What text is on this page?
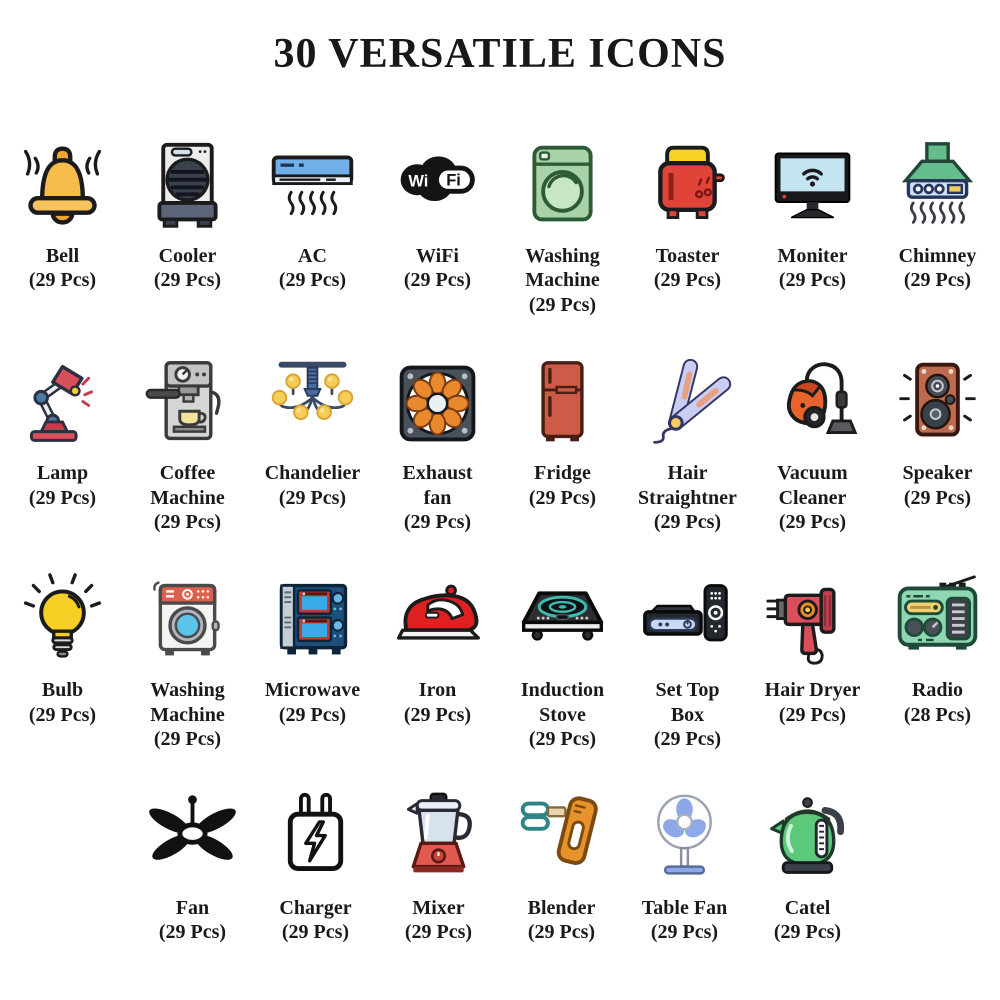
30 VERSATILE ICONS
Bell
(29 Pcs)
Cooler
(29 Pcs)
AC
(29 Pcs)
Wi Fi
WiFi
(29 Pcs)
Washing Machine
(29 Pcs)
Toaster
(29 Pcs)
Moniter
(29 Pcs)
Chimney
(29 Pcs)
Lamp
(29 Pcs)
Coffee Machine
(29 Pcs)
Chandelier
(29 Pcs)
Exhaust fan
(29 Pcs)
Fridge
(29 Pcs)
Hair Straightner
(29 Pcs)
Vacuum Cleaner
(29 Pcs)
Speaker
(29 Pcs)
Bulb
(29 Pcs)
Washing Machine
(29 Pcs)
Microwave
(29 Pcs)
Iron
(29 Pcs)
Induction Stove
(29 Pcs)
Set Top Box
(29 Pcs)
Hair Dryer
(29 Pcs)
Radio
(28 Pcs)
Fan
(29 Pcs)
Charger
(29 Pcs)
Mixer
(29 Pcs)
Blender
(29 Pcs)
Table Fan
(29 Pcs)
Catel
(29 Pcs)
